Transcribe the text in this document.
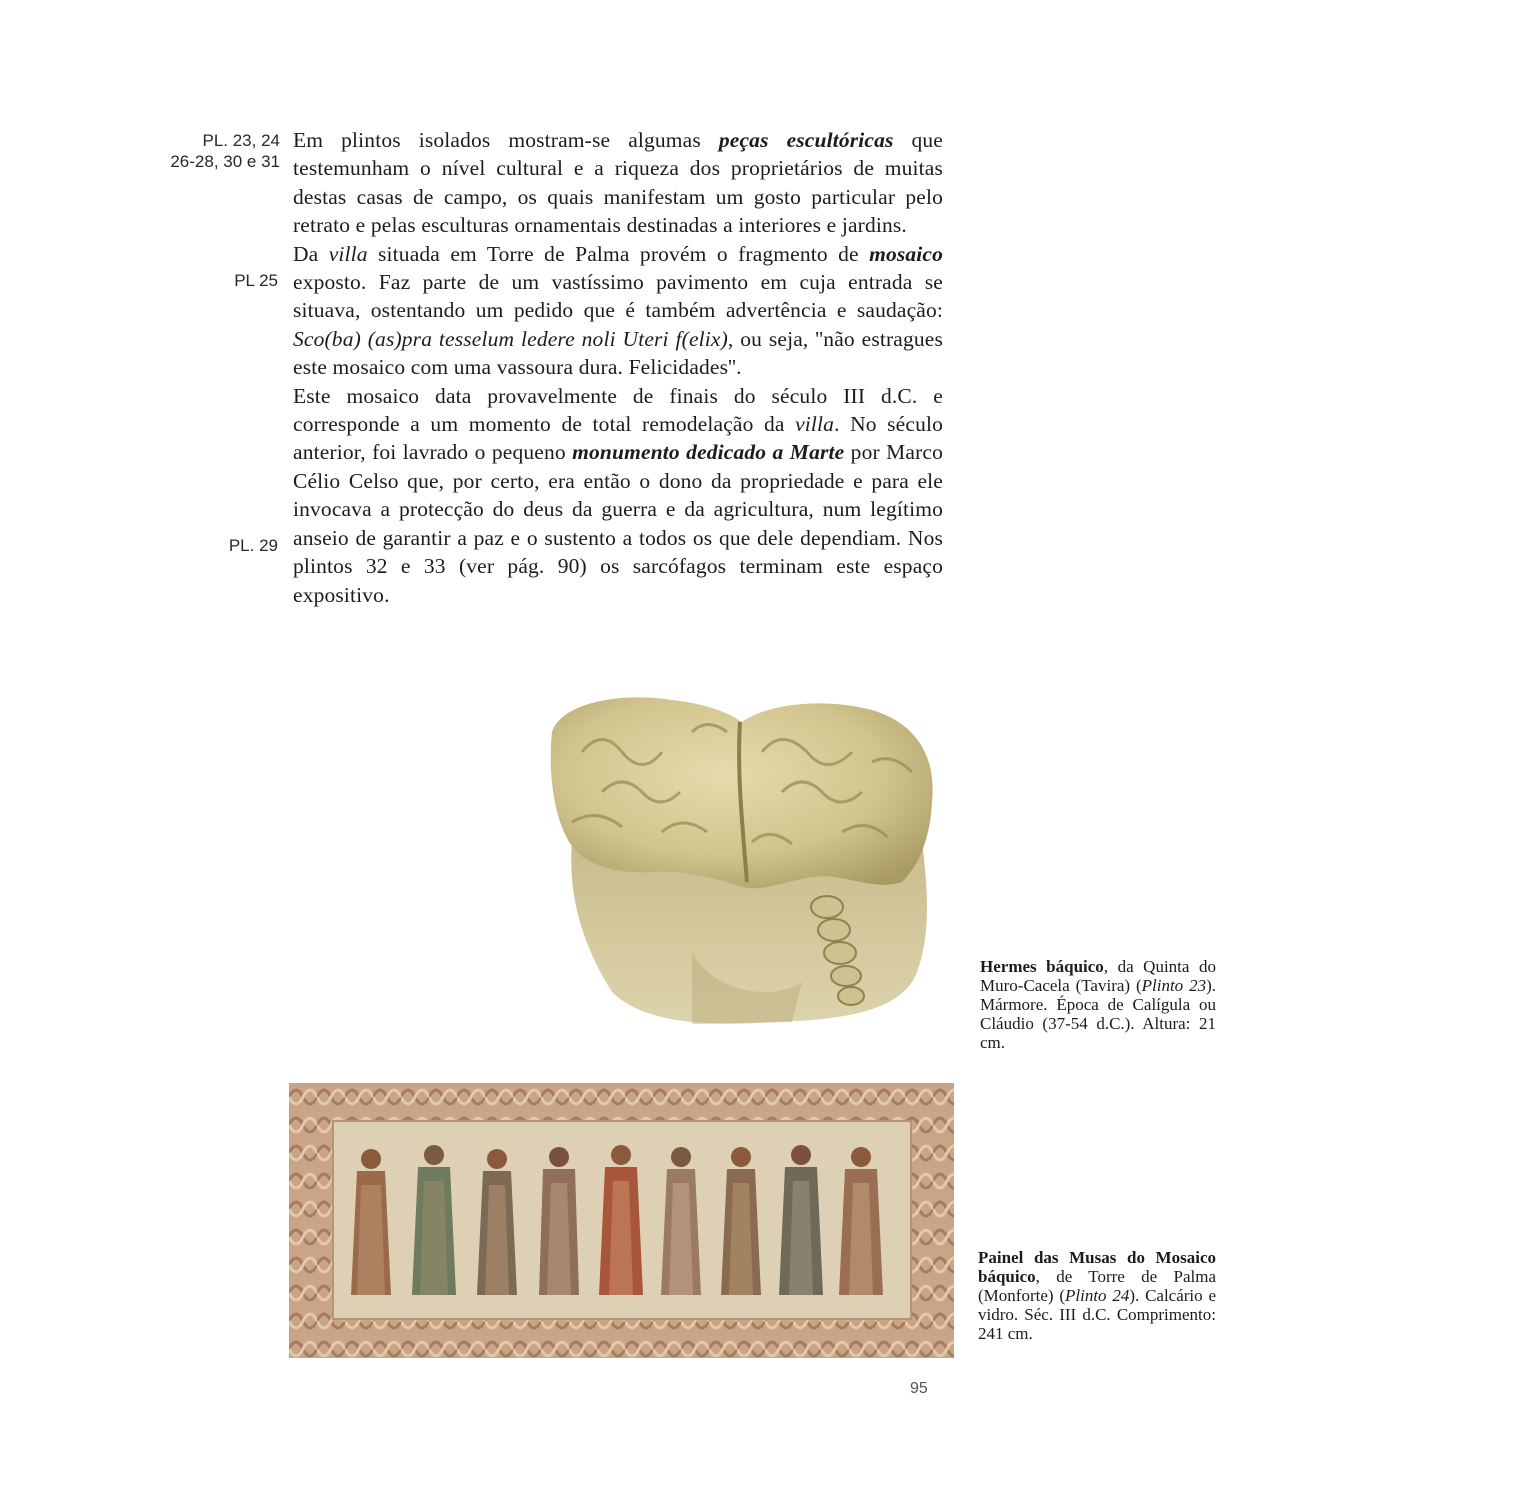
PL. 23, 24
26-28, 30 e 31
PL 25
PL. 29

Em plintos isolados mostram-se algumas peças escultóricas que testemunham o nível cultural e a riqueza dos proprietários de muitas destas casas de campo, os quais manifestam um gosto particular pelo retrato e pelas esculturas ornamentais destinadas a interiores e jardins.

Da villa situada em Torre de Palma provém o fragmento de mosaico exposto. Faz parte de um vastíssimo pavimento em cuja entrada se situava, ostentando um pedido que é também advertência e saudação: Sco(ba) (as)pra tesselum ledere noli Uteri f(elix), ou seja, ''não estragues este mosaico com uma vassoura dura. Felicidades''.

Este mosaico data provavelmente de finais do século III d.C. e corresponde a um momento de total remodelação da villa. No século anterior, foi lavrado o pequeno monumento dedicado a Marte por Marco Célio Celso que, por certo, era então o dono da propriedade e para ele invocava a protecção do deus da guerra e da agricultura, num legítimo anseio de garantir a paz e o sustento a todos os que dele dependiam. Nos plintos 32 e 33 (ver pág. 90) os sarcófagos terminam este espaço expositivo.

Hermes báquico, da Quinta do Muro-Cacela (Tavira) (Plinto 23). Mármore. Época de Calígula ou Cláudio (37-54 d.C.). Altura: 21 cm.
Painel das Musas do Mosaico báquico, de Torre de Palma (Monforte) (Plinto 24). Calcário e vidro. Séc. III d.C. Comprimento: 241 cm.
95
